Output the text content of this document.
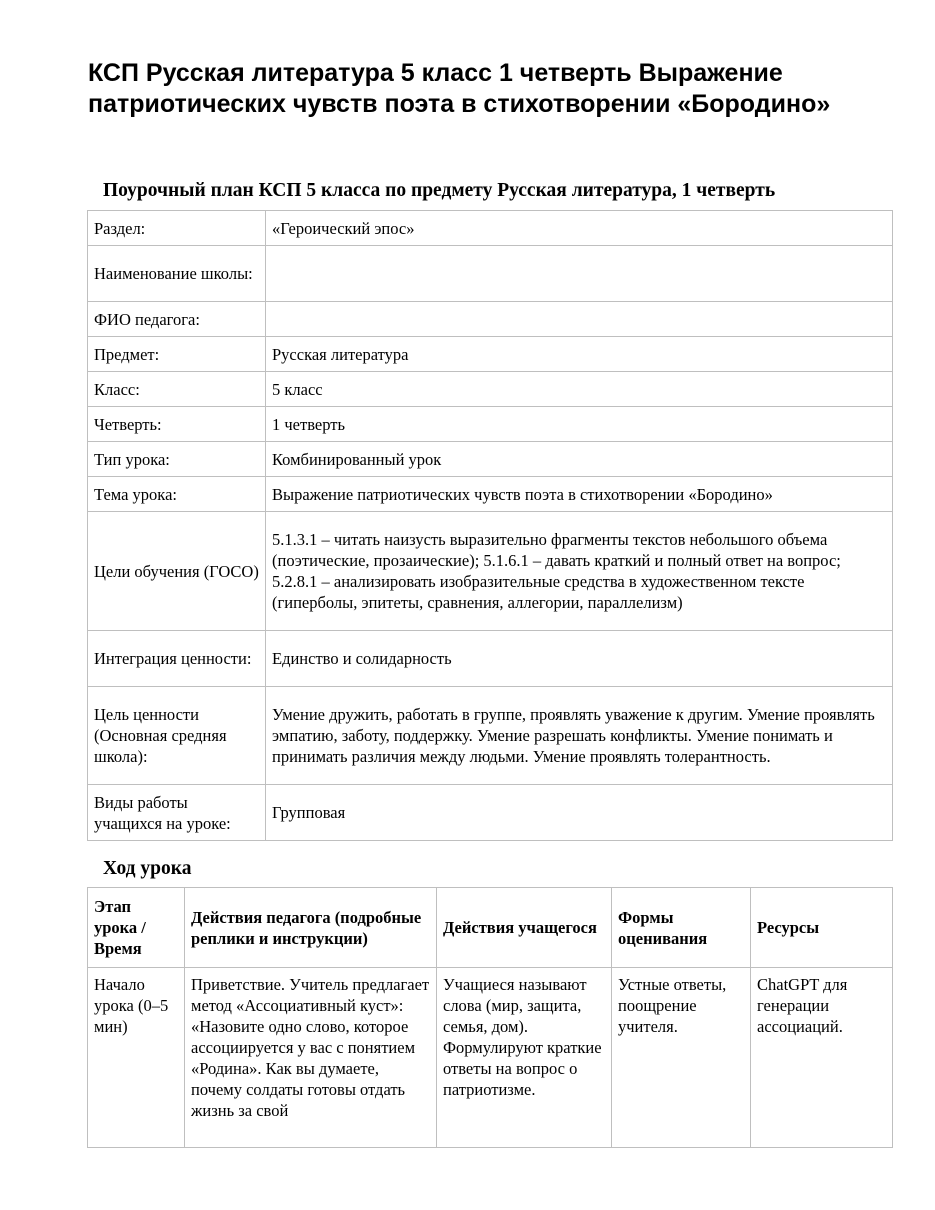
КСП Русская литература 5 класс 1 четверть Выражение патриотических чувств поэта в стихотворении «Бородино»
Поурочный план КСП 5 класса по предмету Русская литература, 1 четверть
Раздел:	«Героический эпос»
Наименование школы:	
ФИО педагога:	
Предмет:	Русская литература
Класс:	5 класс
Четверть:	1 четверть
Тип урока:	Комбинированный урок
Тема урока:	Выражение патриотических чувств поэта в стихотворении «Бородино»
Цели обучения (ГОСО)	5.1.3.1 – читать наизусть выразительно фрагменты текстов небольшого объема (поэтические, прозаические); 5.1.6.1 – давать краткий и полный ответ на вопрос; 5.2.8.1 – анализировать изобразительные средства в художественном тексте (гиперболы, эпитеты, сравнения, аллегории, параллелизм)
Интеграция ценности:	Единство и солидарность
Цель ценности (Основная средняя школа):	Умение дружить, работать в группе, проявлять уважение к другим. Умение проявлять эмпатию, заботу, поддержку. Умение разрешать конфликты. Умение понимать и принимать различия между людьми. Умение проявлять толерантность.
Виды работы учащихся на уроке:	Групповая
Ход урока
Этап урока / Время	Действия педагога (подробные реплики и инструкции)	Действия учащегося	Формы оценивания	Ресурсы
Начало урока (0–5 мин)	Приветствие. Учитель предлагает метод «Ассоциативный куст»: «Назовите одно слово, которое ассоциируется у вас с понятием «Родина». Как вы думаете, почему солдаты готовы отдать жизнь за свой	Учащиеся называют слова (мир, защита, семья, дом). Формулируют краткие ответы на вопрос о патриотизме.	Устные ответы, поощрение учителя.	ChatGPT для генерации ассоциаций.
